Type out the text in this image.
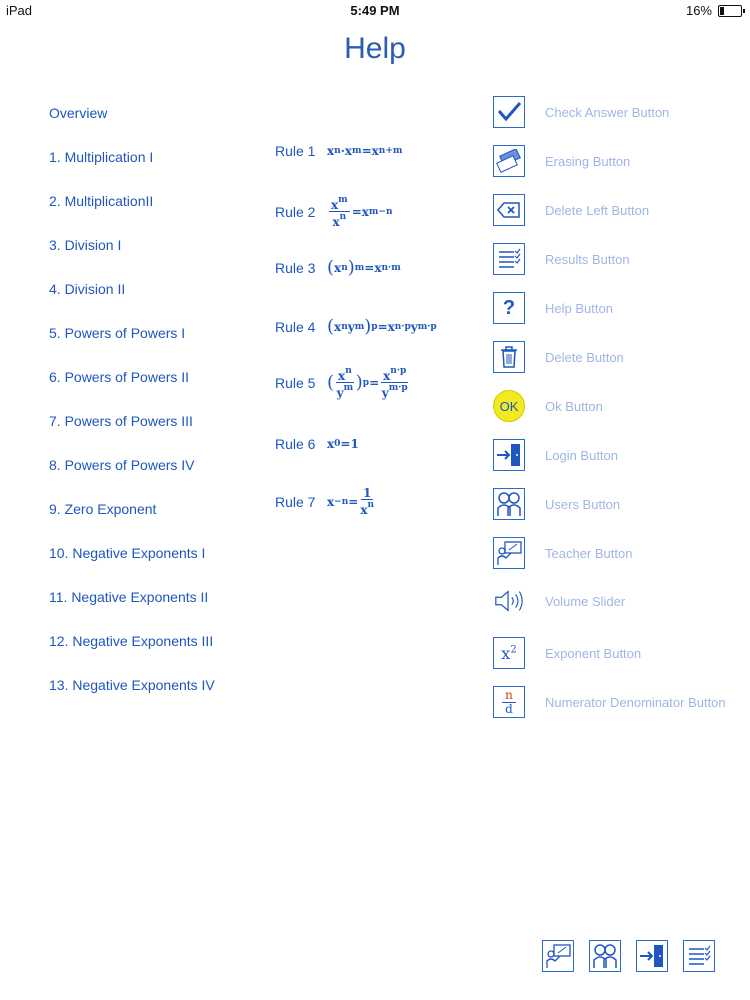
iPad	5:49 PM	16%
Help
Overview
1. Multiplication I
2. MultiplicationII
3. Division I
4. Division II
5. Powers of Powers I
6. Powers of Powers II
7. Powers of Powers III
8. Powers of Powers IV
9. Zero Exponent
10. Negative Exponents I
11. Negative Exponents II
12. Negative Exponents III
13. Negative Exponents IV
Rule 1 x n ·x m =x n+m
Rule $2 \frac{x^m}{x^n} =x$ m−n
Rule 3 ( x n ) m =x n·m
Rule 4 ( x n y m ) p =x n·p y m·p
Rule 5 ( $\frac{x^n}{y^m}$ ) $p = \frac{x^{n\cdot p}}{y^{m\cdot p}}$
Rule 6 x 0 =1
Rule 7 $x -n = \frac{1}{x^n}$
Check Answer Button
Erasing Button
Delete Left Button
Results Button
? Help Button
Delete Button
OK	Ok Button
Login Button
Users Button
Teacher Button
Volume Slider
$x^2$ Exponent Button
$\frac{n}{d}$ Numerator Denominator Button
